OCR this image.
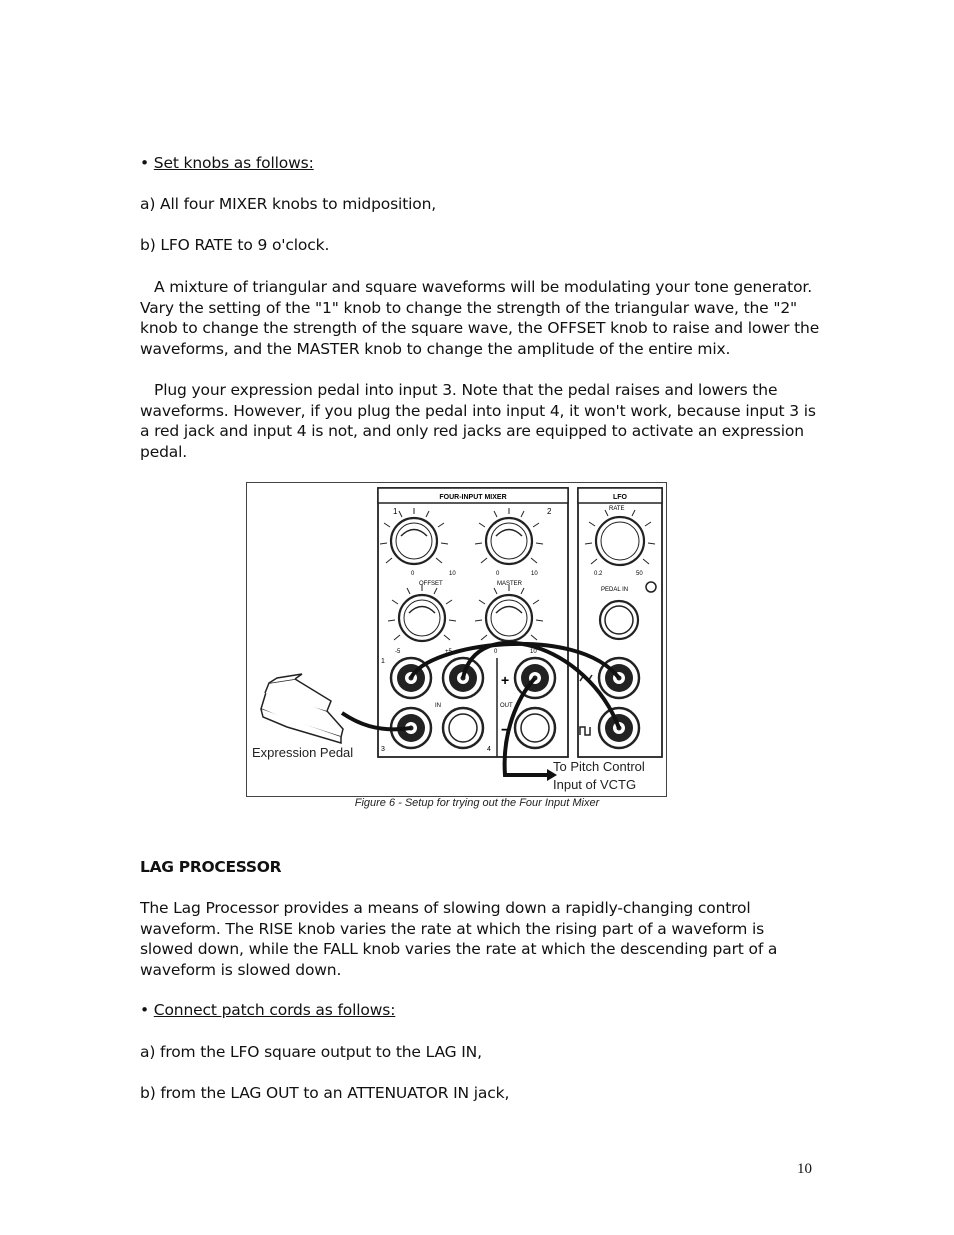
• Set knobs as follows:

a) All four MIXER knobs to midposition,

b) LFO RATE to 9 o'clock.

A mixture of triangular and square waveforms will be modulating your tone generator. Vary the setting of the "1" knob to change the strength of the triangular wave, the "2" knob to change the strength of the square wave, the OFFSET knob to raise and lower the waveforms, and the MASTER knob to change the amplitude of the entire mix.

Plug your expression pedal into input 3. Note that the pedal raises and lowers the waveforms. However, if you plug the pedal into input 4, it won't work, because input 3 is a red jack and input 4 is not, and only red jacks are equipped to activate an expression pedal.

FOUR-INPUT MIXER	LFO
1
0	10
2
0	10
OFFSET
-5	+5
MASTER
0	10
RATE
0.2	50
PEDAL IN
1
+
IN	OUT
3	4
−
Expression Pedal
To Pitch Control
Input of VCTG
Figure 6 - Setup for trying out the Four Input Mixer

LAG PROCESSOR

The Lag Processor provides a means of slowing down a rapidly-changing control waveform. The RISE knob varies the rate at which the rising part of a waveform is slowed down, while the FALL knob varies the rate at which the descending part of a waveform is slowed down.

• Connect patch cords as follows:

a) from the LFO square output to the LAG IN,

b) from the LAG OUT to an ATTENUATOR IN jack,

10
